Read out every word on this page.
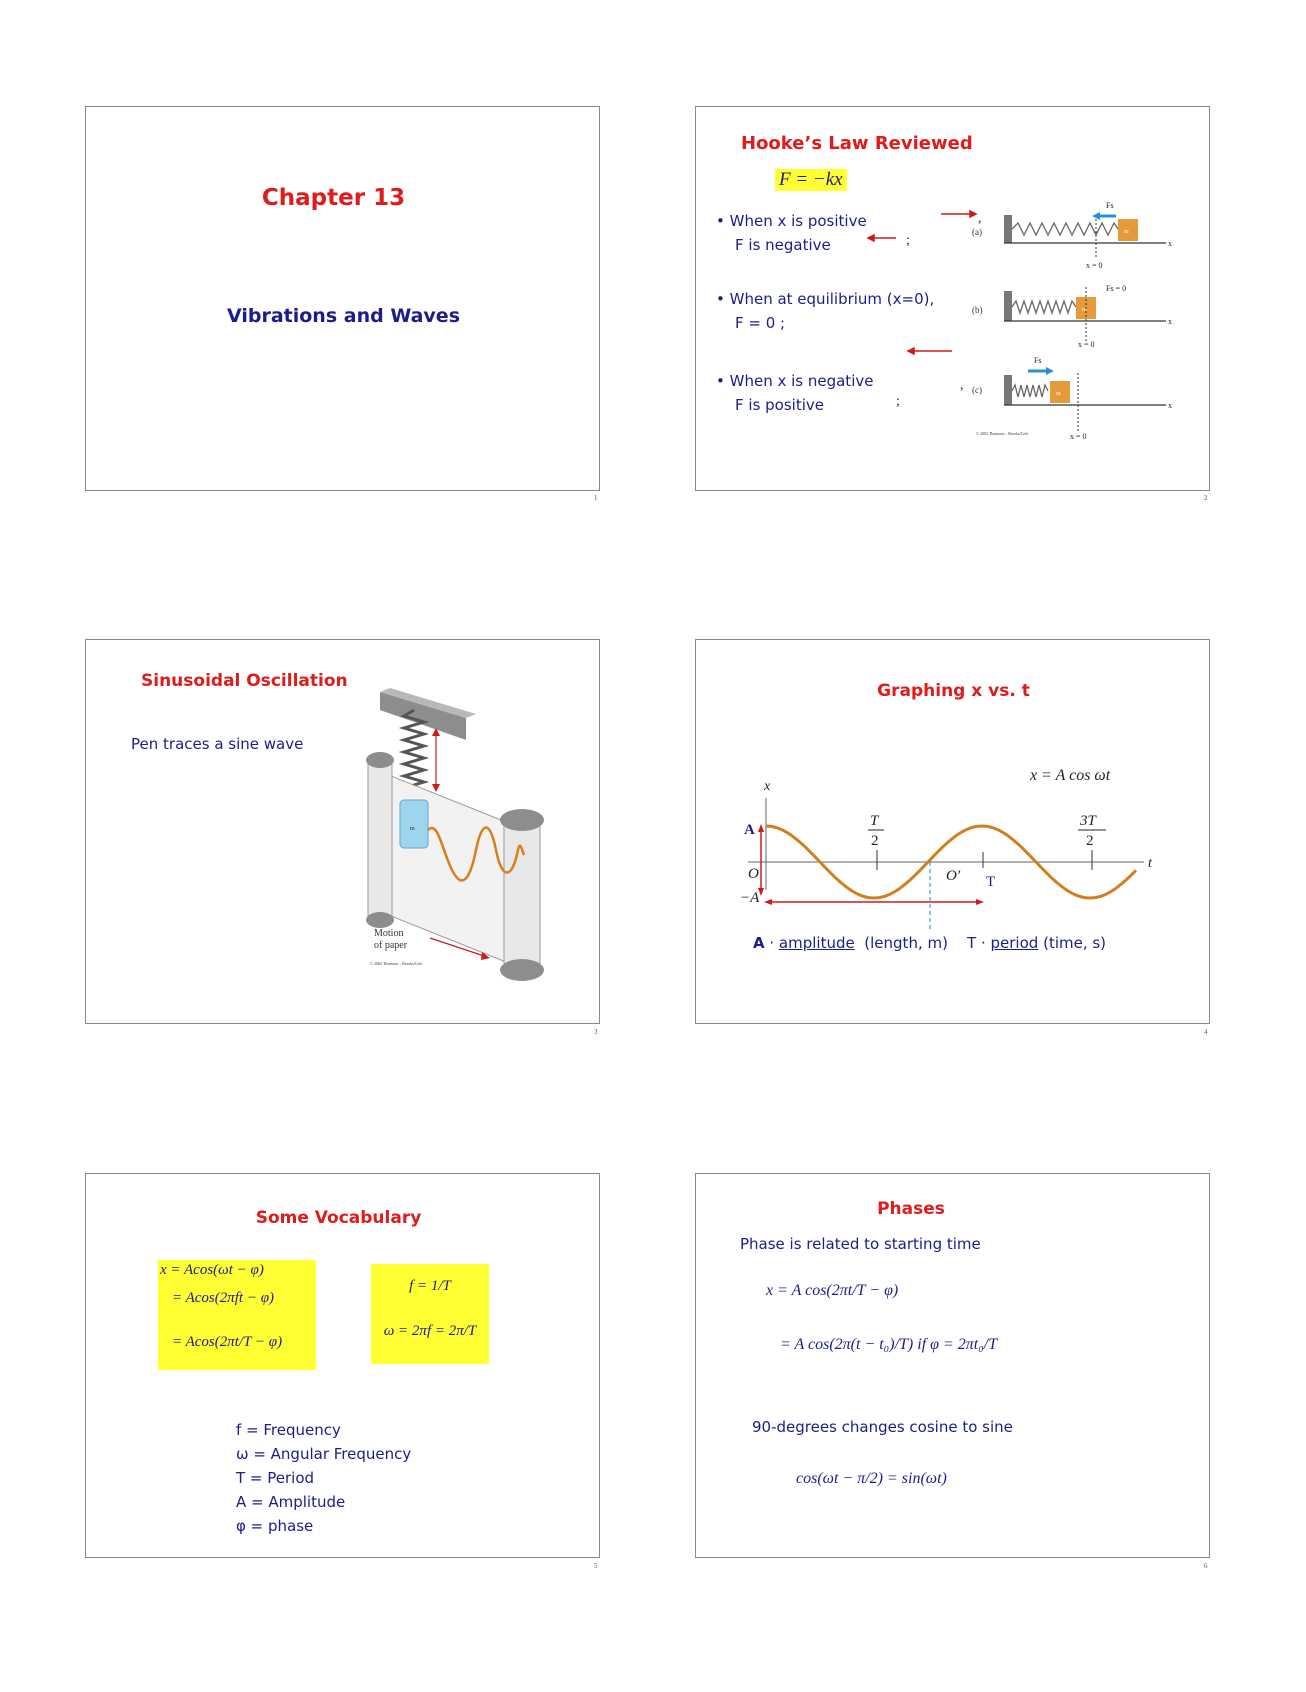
Chapter 13
Vibrations and Waves
1
Hooke’s Law Reviewed
F = −kx
• When x is positive
F is negative
• When at equilibrium (x=0),
F = 0 ;
• When x is negative
F is positive
;
,
,
;
(a)
(b)
(c)
m
Fs
x = 0
x
m
Fs = 0
x = 0
x
m
Fs
x = 0
x
© 2002 Thomson – Brooks/Cole
2
Sinusoidal Oscillation
Pen traces a sine wave
m
Motion
of paper
© 2002 Thomson – Brooks/Cole
3
Graphing x vs. t
x = A cos ωt
x
t
A
O
−A
T
2
3T
2
O′ T
A · amplitude (length, m) T · period (time, s)
4
Some Vocabulary
x = Acos(ωt − φ)
= Acos(2πft − φ)
= Acos(2πt/T − φ)
f = 1/T
ω = 2πf = 2π/T
f = Frequency
ω = Angular Frequency
T = Period
A = Amplitude
φ = phase
5
Phases
Phase is related to starting time
x = A cos(2πt/T − φ)
= A cos(2π(t − t₀)/T) if φ = 2πt₀/T
90-degrees changes cosine to sine
cos(ωt − π/2) = sin(ωt)
6
